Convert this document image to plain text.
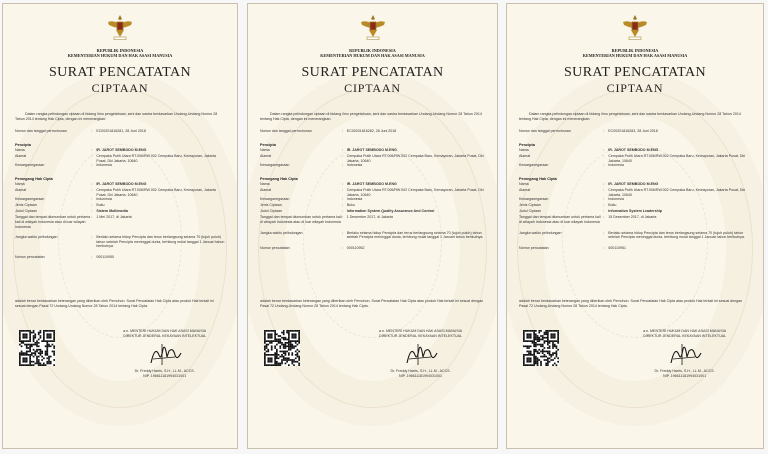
REPUBLIK INDONESIA
KEMENTERIAN HUKUM DAN HAK ASASI MANUSIA
SURAT PENCATATAN
CIPTAAN
Dalam rangka pelindungan ciptaan di bidang ilmu pengetahuan, seni dan sastra berdasarkan Undang-Undang Nomor 28 Tahun 2014 tentang Hak Cipta, dengan ini menerangkan:
Nomor dan tanggal permohonan	:	EC00201816281, 28 Juni 2018
Pencipta
Nama	:	IR. JAROT SEMBODO M.ENG
Alamat	:	Cempaka Putih Utara RT.006/RW.002 Cempaka Baru, Kemayoran, Jakarta Pusat, Dki Jakarta, 10640
Kewarganegaraan	:	Indonesia
Pemegang Hak Cipta
Nama	:	IR. JAROT SEMBODO M.ENG
Alamat	:	Cempaka Putih Utara RT.006/RW.002 Cempaka Baru, Kemayoran, Jakarta Pusat, Dki Jakarta, 10640
Kewarganegaraan	:	Indonesia
Jenis Ciptaan	:	Buku
Judul Ciptaan	:	Sistem Multimedia
Tanggal dan tempat diumumkan untuk pertama kali di wilayah Indonesia atau di luar wilayah Indonesia
:	1 Mei 2017, di Jakarta
Jangka waktu pelindungan	:	Berlaku selama hidup Pencipta dan terus berlangsung selama 70 (tujuh puluh) tahun setelah Pencipta meninggal dunia, terhitung mulai tanggal 1 Januari tahun berikutnya.
Nomor pencatatan	:	000110950
adalah benar berdasarkan keterangan yang diberikan oleh Pemohon. Surat Pencatatan Hak Cipta atau produk Hak terkait ini sesuai dengan Pasal 72 Undang-Undang Nomor 28 Tahun 2014 tentang Hak Cipta.
a.n. MENTERI HUKUM DAN HAK ASASI MANUSIA
DIREKTUR JENDERAL KEKAYAAN INTELEKTUAL
Dr. Freddy Harris, S.H., LL.M., ACCS.
NIP. 196611181994031001
REPUBLIK INDONESIA
KEMENTERIAN HUKUM DAN HAK ASASI MANUSIA
SURAT PENCATATAN
CIPTAAN
Dalam rangka pelindungan ciptaan di bidang ilmu pengetahuan, seni dan sastra berdasarkan Undang-Undang Nomor 28 Tahun 2014 tentang Hak Cipta, dengan ini menerangkan:
Nomor dan tanggal permohonan	:	EC00201816282, 28 Juni 2018
Pencipta
Nama	:	IR. JAROT SEMBODO M.ENG
Alamat	:	Cempaka Putih Utara RT.006/RW.002 Cempaka Baru, Kemayoran, Jakarta Pusat, Dki Jakarta, 10640
Kewarganegaraan	:	Indonesia
Pemegang Hak Cipta
Nama	:	IR. JAROT SEMBODO M.ENG
Alamat	:	Cempaka Putih Utara RT.006/RW.002 Cempaka Baru, Kemayoran, Jakarta Pusat, Dki Jakarta, 10640
Kewarganegaraan	:	Indonesia
Jenis Ciptaan	:	Buku
Judul Ciptaan	:	Information System Quality Assurance And Control
Tanggal dan tempat diumumkan untuk pertama kali di wilayah Indonesia atau di luar wilayah Indonesia
:	1 Desember 2017, di Jakarta
Jangka waktu pelindungan	:	Berlaku selama hidup Pencipta dan terus berlangsung selama 70 (tujuh puluh) tahun setelah Pencipta meninggal dunia, terhitung mulai tanggal 1 Januari tahun berikutnya.
Nomor pencatatan	:	000110952
adalah benar berdasarkan keterangan yang diberikan oleh Pemohon. Surat Pencatatan Hak Cipta atau produk Hak terkait ini sesuai dengan Pasal 72 Undang-Undang Nomor 28 Tahun 2014 tentang Hak Cipta.
a.n. MENTERI HUKUM DAN HAK ASASI MANUSIA
DIREKTUR JENDERAL KEKAYAAN INTELEKTUAL
Dr. Freddy Harris, S.H., LL.M., ACCS.
NIP. 196611181994031001
REPUBLIK INDONESIA
KEMENTERIAN HUKUM DAN HAK ASASI MANUSIA
SURAT PENCATATAN
CIPTAAN
Dalam rangka pelindungan ciptaan di bidang ilmu pengetahuan, seni dan sastra berdasarkan Undang-Undang Nomor 28 Tahun 2014 tentang Hak Cipta, dengan ini menerangkan:
Nomor dan tanggal permohonan	:	EC00201816283, 28 Juni 2018
Pencipta
Nama	:	IR. JAROT SEMBODO M.ENG
Alamat	:	Cempaka Putih Utara RT.006/RW.002 Cempaka Baru, Kemayoran, Jakarta Pusat, Dki Jakarta, 10640
Kewarganegaraan	:	Indonesia
Pemegang Hak Cipta
Nama	:	IR. JAROT SEMBODO M.ENG
Alamat	:	Cempaka Putih Utara RT.006/RW.002 Cempaka Baru, Kemayoran, Jakarta Pusat, Dki Jakarta, 10640
Kewarganegaraan	:	Indonesia
Jenis Ciptaan	:	Buku
Judul Ciptaan	:	Information System Leadership
Tanggal dan tempat diumumkan untuk pertama kali di wilayah Indonesia atau di luar wilayah Indonesia
:	15 Desember 2017, di Jakarta
Jangka waktu pelindungan	:	Berlaku selama hidup Pencipta dan terus berlangsung selama 70 (tujuh puluh) tahun setelah Pencipta meninggal dunia, terhitung mulai tanggal 1 Januari tahun berikutnya.
Nomor pencatatan	:	000110951
adalah benar berdasarkan keterangan yang diberikan oleh Pemohon. Surat Pencatatan Hak Cipta atau produk Hak terkait ini sesuai dengan Pasal 72 Undang-Undang Nomor 28 Tahun 2014 tentang Hak Cipta.
a.n. MENTERI HUKUM DAN HAK ASASI MANUSIA
DIREKTUR JENDERAL KEKAYAAN INTELEKTUAL
Dr. Freddy Harris, S.H., LL.M., ACCS.
NIP. 196611181994031001
